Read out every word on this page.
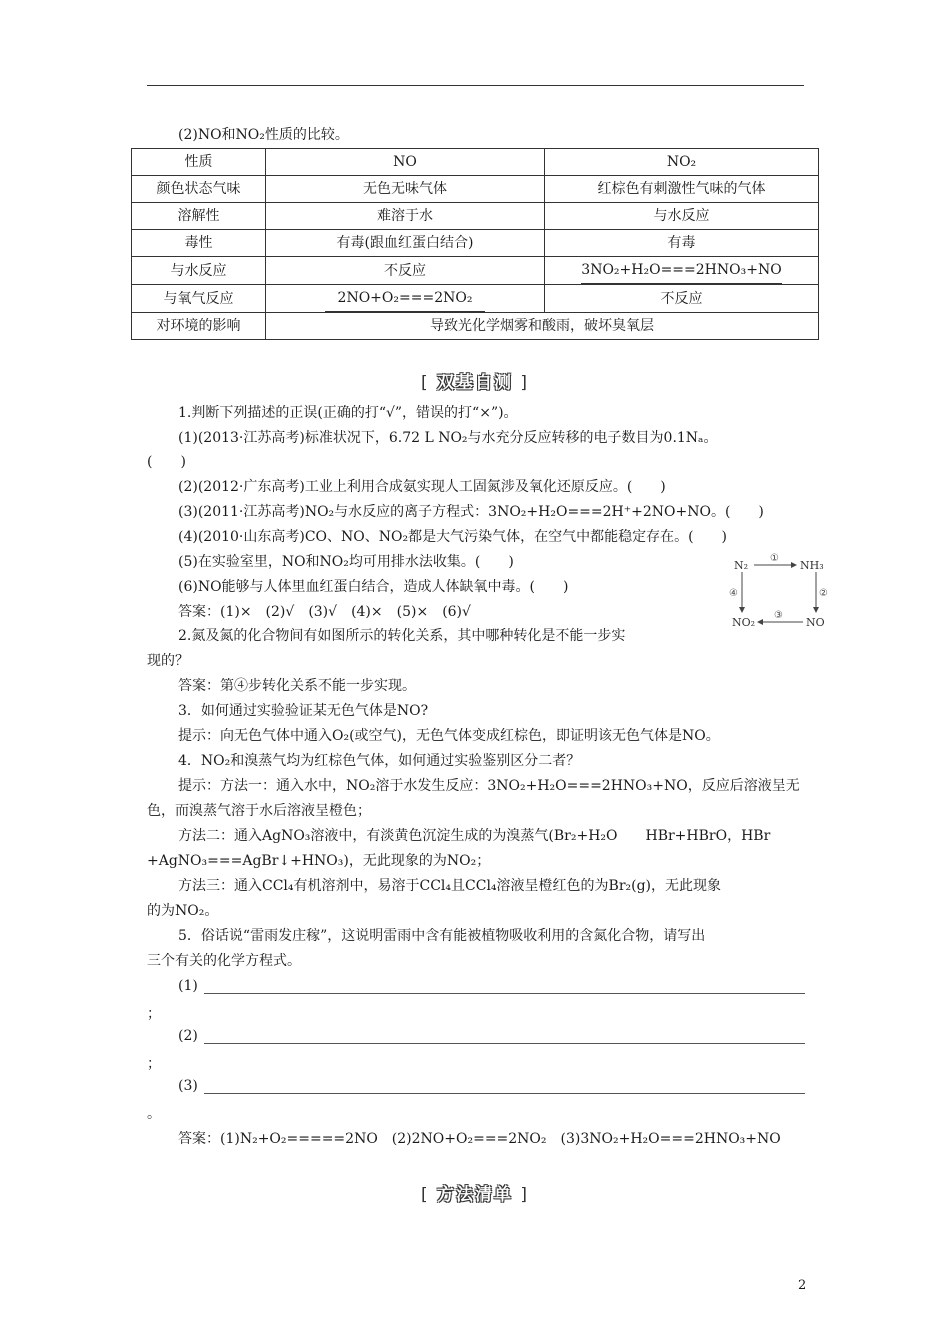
(2)NO和NO₂性质的比较。
性质	NO	NO₂
颜色状态气味	无色无味气体	红棕色有刺激性气味的气体
溶解性	难溶于水	与水反应
毒性	有毒(跟血红蛋白结合)	有毒
与水反应	不反应	3NO₂+H₂O===2HNO₃+NO
与氧气反应	2NO+O₂===2NO₂	不反应
对环境的影响	导致光化学烟雾和酸雨，破坏臭氧层	
[ 双基自测 ]
1.判断下列描述的正误(正确的打“√”，错误的打“×”)。
(1)(2013·江苏高考)标准状况下，6.72 L NO₂与水充分反应转移的电子数目为0.1Nₐ。
(　　)
(2)(2012·广东高考)工业上利用合成氨实现人工固氮涉及氧化还原反应。(　　)
(3)(2011·江苏高考)NO₂与水反应的离子方程式：3NO₂+H₂O===2H⁺+2NO+NO。(　　)
(4)(2010·山东高考)CO、NO、NO₂都是大气污染气体，在空气中都能稳定存在。(　　)
(5)在实验室里，NO和NO₂均可用排水法收集。(　　)
(6)NO能够与人体里血红蛋白结合，造成人体缺氧中毒。(　　)
答案：(1)×　(2)√　(3)√　(4)×　(5)×　(6)√
N₂	NH₃
NO₂	NO
①
②
③
④
2.氮及氮的化合物间有如图所示的转化关系，其中哪种转化是不能一步实
现的？
答案：第④步转化关系不能一步实现。
3．如何通过实验验证某无色气体是NO?
提示：向无色气体中通入O₂(或空气)，无色气体变成红棕色，即证明该无色气体是NO。
4．NO₂和溴蒸气均为红棕色气体，如何通过实验鉴别区分二者？
提示：方法一：通入水中，NO₂溶于水发生反应：3NO₂+H₂O===2HNO₃+NO，反应后溶液呈无
色，而溴蒸气溶于水后溶液呈橙色；
方法二：通入AgNO₃溶液中，有淡黄色沉淀生成的为溴蒸气(Br₂+H₂O　　HBr+HBrO，HBr
+AgNO₃===AgBr↓+HNO₃)，无此现象的为NO₂；
方法三：通入CCl₄有机溶剂中，易溶于CCl₄且CCl₄溶液呈橙红色的为Br₂(g)，无此现象
的为NO₂。
5．俗话说“雷雨发庄稼”，这说明雷雨中含有能被植物吸收利用的含氮化合物，请写出
三个有关的化学方程式。
(1)
；
(2)
；
(3)
。
答案：(1)N₂+O₂=====2NO　(2)2NO+O₂===2NO₂　(3)3NO₂+H₂O===2HNO₃+NO
[ 方法清单 ]
2
